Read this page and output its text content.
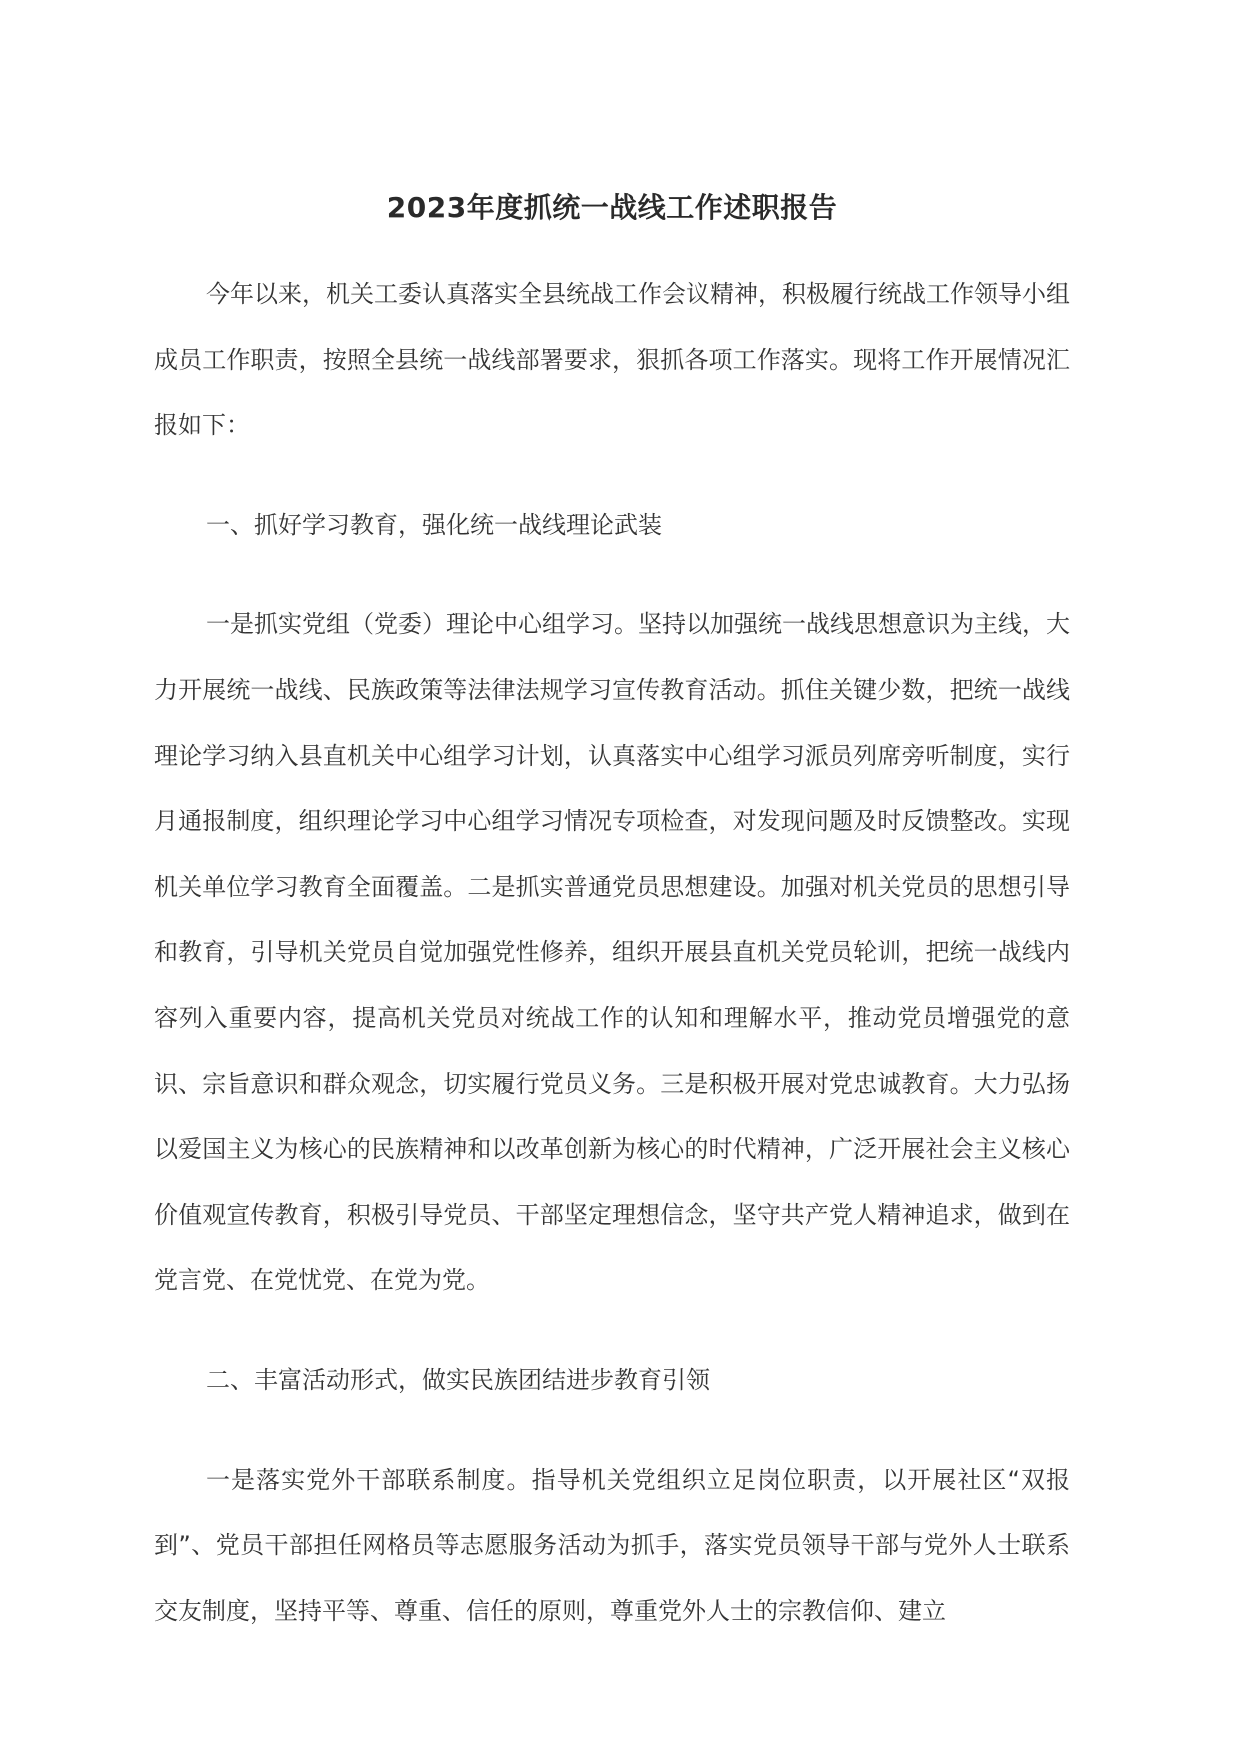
2023年度抓统一战线工作述职报告

今年以来，机关工委认真落实全县统战工作会议精神，积极履行统战工作领导小组成员工作职责，按照全县统一战线部署要求，狠抓各项工作落实。现将工作开展情况汇报如下：

一、抓好学习教育，强化统一战线理论武装

一是抓实党组（党委）理论中心组学习。坚持以加强统一战线思想意识为主线，大力开展统一战线、民族政策等法律法规学习宣传教育活动。抓住关键少数，把统一战线理论学习纳入县直机关中心组学习计划，认真落实中心组学习派员列席旁听制度，实行月通报制度，组织理论学习中心组学习情况专项检查，对发现问题及时反馈整改。实现机关单位学习教育全面覆盖。二是抓实普通党员思想建设。加强对机关党员的思想引导和教育，引导机关党员自觉加强党性修养，组织开展县直机关党员轮训，把统一战线内容列入重要内容，提高机关党员对统战工作的认知和理解水平，推动党员增强党的意识、宗旨意识和群众观念，切实履行党员义务。三是积极开展对党忠诚教育。大力弘扬以爱国主义为核心的民族精神和以改革创新为核心的时代精神，广泛开展社会主义核心价值观宣传教育，积极引导党员、干部坚定理想信念，坚守共产党人精神追求，做到在党言党、在党忧党、在党为党。

二、丰富活动形式，做实民族团结进步教育引领

一是落实党外干部联系制度。指导机关党组织立足岗位职责，以开展社区“双报到”、党员干部担任网格员等志愿服务活动为抓手，落实党员领导干部与党外人士联系交友制度，坚持平等、尊重、信任的原则，尊重党外人士的宗教信仰、建立
